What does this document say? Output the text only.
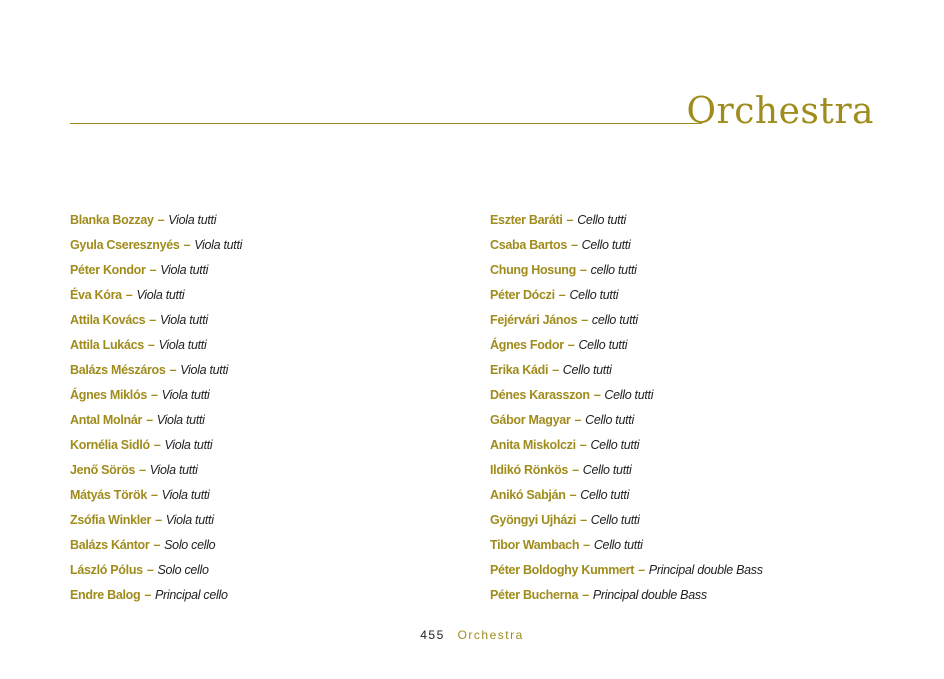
Orchestra
Blanka Bozzay – Viola tutti
Gyula Cseresznyés – Viola tutti
Péter Kondor – Viola tutti
Éva Kóra – Viola tutti
Attila Kovács – Viola tutti
Attila Lukács – Viola tutti
Balázs Mészáros – Viola tutti
Ágnes Miklós – Viola tutti
Antal Molnár – Viola tutti
Kornélia Sidló – Viola tutti
Jenő Sörös – Viola tutti
Mátyás Török – Viola tutti
Zsófia Winkler – Viola tutti
Balázs Kántor – Solo cello
László Pólus – Solo cello
Endre Balog – Principal cello
Eszter Baráti – Cello tutti
Csaba Bartos – Cello tutti
Chung Hosung – cello tutti
Péter Dóczi – Cello tutti
Fejérvári János – cello tutti
Ágnes Fodor – Cello tutti
Erika Kádi – Cello tutti
Dénes Karasszon – Cello tutti
Gábor Magyar – Cello tutti
Anita Miskolczi – Cello tutti
Ildikó Rönkös – Cello tutti
Anikó Sabján – Cello tutti
Gyöngyi Ujházi – Cello tutti
Tibor Wambach – Cello tutti
Péter Boldoghy Kummert – Principal double Bass
Péter Bucherna – Principal double Bass
455 Orchestra
